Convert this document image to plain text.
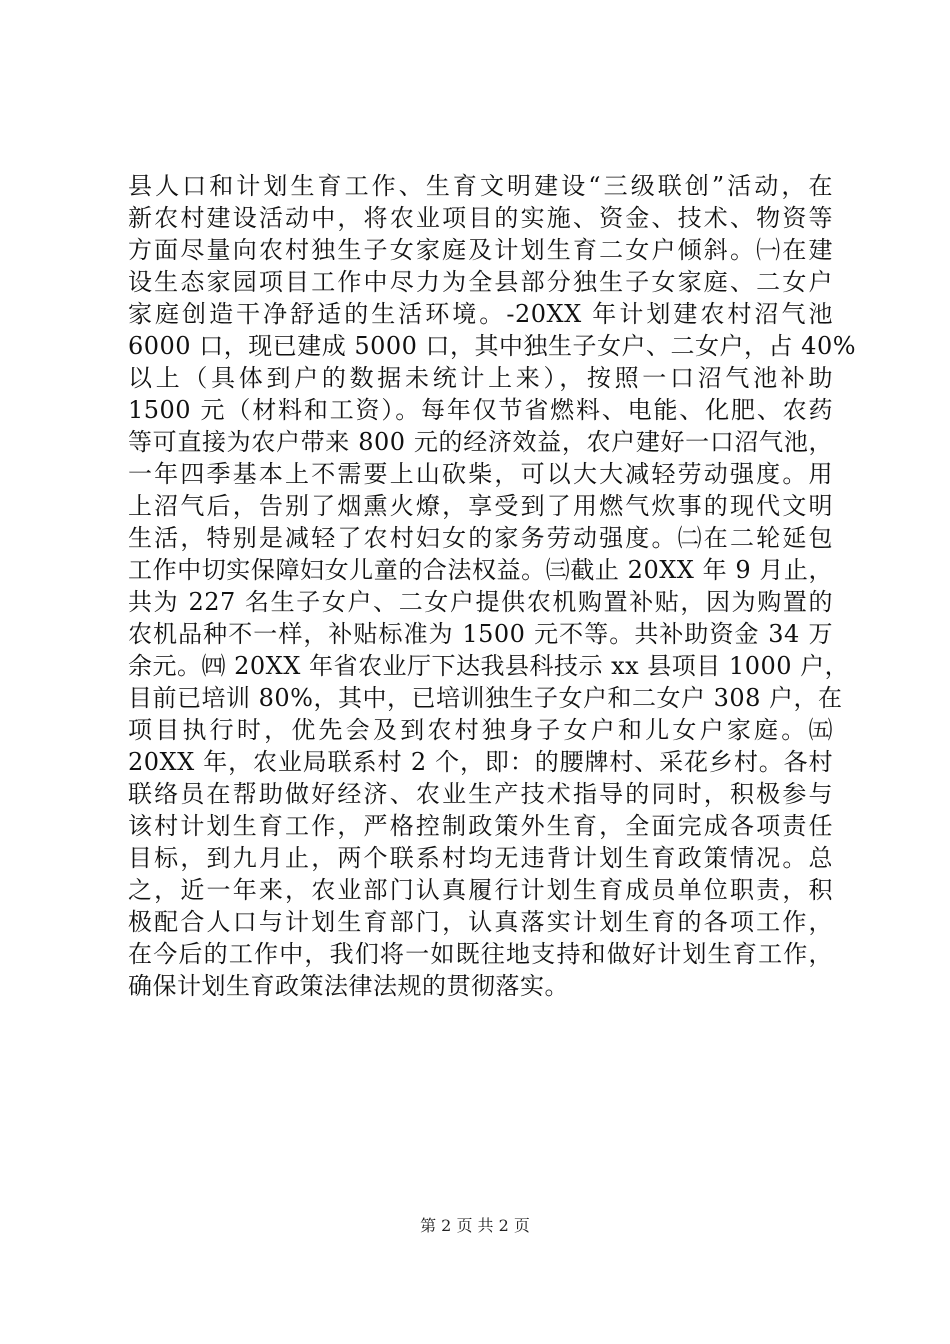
县人口和计划生育工作、生育文明建设“三级联创”活动，在
新农村建设活动中，将农业项目的实施、资金、技术、物资等
方面尽量向农村独生子女家庭及计划生育二女户倾斜。㈠在建
设生态家园项目工作中尽力为全县部分独生子女家庭、二女户
家庭创造干净舒适的生活环境。-20XX 年计划建农村沼气池
6000 口，现已建成 5000 口，其中独生子女户、二女户，占 40%
以上（具体到户的数据未统计上来），按照一口沼气池补助
1500 元（材料和工资）。每年仅节省燃料、电能、化肥、农药
等可直接为农户带来 800 元的经济效益，农户建好一口沼气池，
一年四季基本上不需要上山砍柴，可以大大减轻劳动强度。用
上沼气后，告别了烟熏火燎，享受到了用燃气炊事的现代文明
生活，特别是减轻了农村妇女的家务劳动强度。㈡在二轮延包
工作中切实保障妇女儿童的合法权益。㈢截止 20XX 年 9 月止，
共为 227 名生子女户、二女户提供农机购置补贴，因为购置的
农机品种不一样，补贴标准为 1500 元不等。共补助资金 34 万
余元。㈣ 20XX 年省农业厅下达我县科技示 xx 县项目 1000 户，
目前已培训 80%，其中，已培训独生子女户和二女户 308 户，在
项目执行时，优先会及到农村独身子女户和儿女户家庭。㈤
20XX 年，农业局联系村 2 个，即：的腰牌村、采花乡村。各村
联络员在帮助做好经济、农业生产技术指导的同时，积极参与
该村计划生育工作，严格控制政策外生育，全面完成各项责任
目标，到九月止，两个联系村均无违背计划生育政策情况。总
之，近一年来，农业部门认真履行计划生育成员单位职责，积
极配合人口与计划生育部门，认真落实计划生育的各项工作，
在今后的工作中，我们将一如既往地支持和做好计划生育工作，
确保计划生育政策法律法规的贯彻落实。
第 2 页 共 2 页
